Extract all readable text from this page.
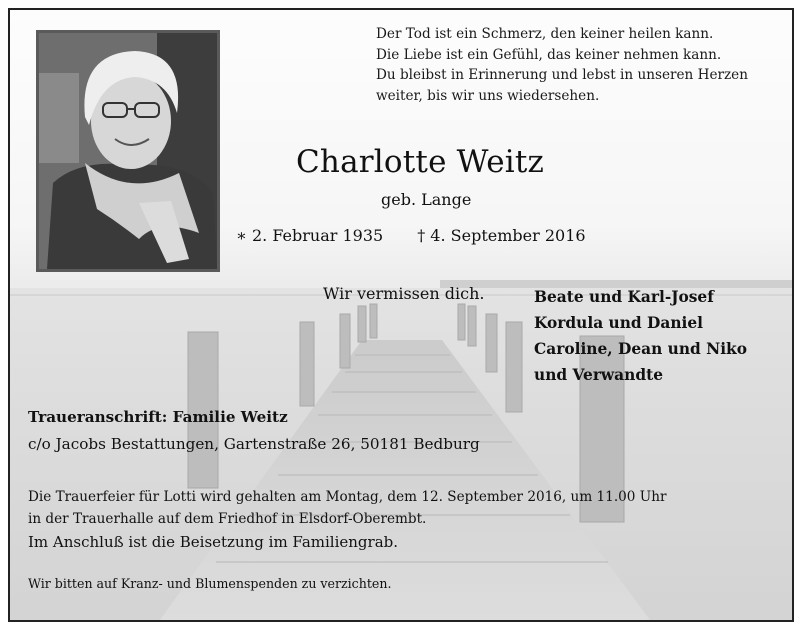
Der Tod ist ein Schmerz, den keiner heilen kann.
Die Liebe ist ein Gefühl, das keiner nehmen kann.
Du bleibst in Erinnerung und lebst in unseren Herzen
weiter, bis wir uns wiedersehen.
Charlotte Weitz
geb. Lange
∗ 2. Februar 1935 † 4. September 2016
Wir vermissen dich.	Beate und Karl-Josef
Kordula und Daniel
Caroline, Dean und Niko
und Verwandte
Traueranschrift: Familie Weitz
c/o Jacobs Bestattungen, Gartenstraße 26, 50181 Bedburg
Die Trauerfeier für Lotti wird gehalten am Montag, dem 12. September 2016, um 11.00 Uhr
in der Trauerhalle auf dem Friedhof in Elsdorf-Oberembt.
Im Anschluß ist die Beisetzung im Familiengrab.
Wir bitten auf Kranz- und Blumenspenden zu verzichten.
